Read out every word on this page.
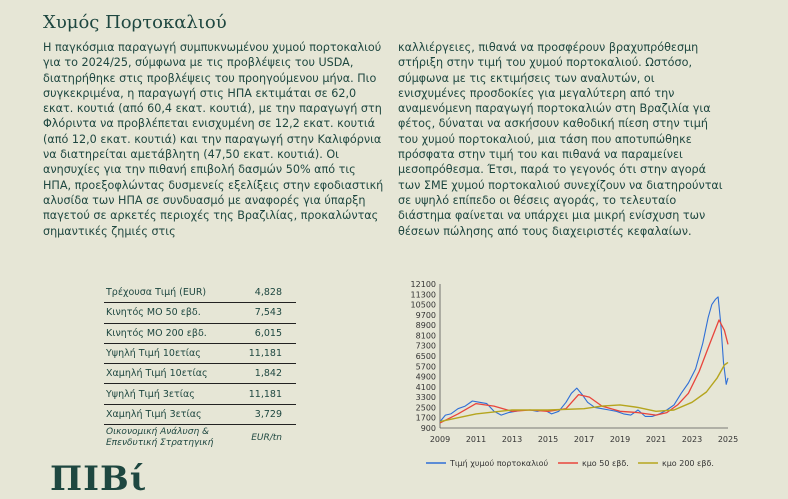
Χυμός Πορτοκαλιού
Η παγκόσμια παραγωγή συμπυκνωμένου χυμού πορτοκαλιού για το 2024/25, σύμφωνα με τις προβλέψεις του USDA, διατηρήθηκε στις προβλέψεις του προηγούμενου μήνα. Πιο συγκεκριμένα, η παραγωγή στις ΗΠΑ εκτιμάται σε 62,0 εκατ. κουτιά (από 60,4 εκατ. κουτιά), με την παραγωγή στη Φλόριντα να προβλέπεται ενισχυμένη σε 12,2 εκατ. κουτιά (από 12,0 εκατ. κουτιά) και την παραγωγή στην Καλιφόρνια να διατηρείται αμετάβλητη (47,50 εκατ. κουτιά). Οι ανησυχίες για την πιθανή επιβολή δασμών 50% από τις ΗΠΑ, προεξοφλώντας δυσμενείς εξελίξεις στην εφοδιαστική αλυσίδα των ΗΠΑ σε συνδυασμό με αναφορές για ύπαρξη παγετού σε αρκετές περιοχές της Βραζιλίας, προκαλώντας σημαντικές ζημιές στις
καλλιέργειες, πιθανά να προσφέρουν βραχυπρόθεσμη στήριξη στην τιμή του χυμού πορτοκαλιού. Ωστόσο, σύμφωνα με τις εκτιμήσεις των αναλυτών, οι ενισχυμένες προσδοκίες για μεγαλύτερη από την αναμενόμενη παραγωγή πορτοκαλιών στη Βραζιλία για φέτος, δύναται να ασκήσουν καθοδική πίεση στην τιμή του χυμού πορτοκαλιού, μια τάση που αποτυπώθηκε πρόσφατα στην τιμή του και πιθανά να παραμείνει μεσοπρόθεσμα. Έτσι, παρά το γεγονός ότι στην αγορά των ΣΜΕ χυμού πορτοκαλιού συνεχίζουν να διατηρούνται σε υψηλό επίπεδο οι θέσεις αγοράς, το τελευταίο διάστημα φαίνεται να υπάρχει μια μικρή ενίσχυση των θέσεων πώλησης από τους διαχειριστές κεφαλαίων.
Τρέχουσα Τιμή (EUR)	4,828
Κινητός ΜΟ 50 εβδ.	7,543
Κινητός ΜΟ 200 εβδ.	6,015
Υψηλή Τιμή 10ετίας	11,181
Χαμηλή Τιμή 10ετίας	1,842
Υψηλή Τιμή 3ετίας	11,181
Χαμηλή Τιμή 3ετίας	3,729
Οικονομική Ανάλυση & Επενδυτική Στρατηγική	EUR/tn
12100
11300
10500
9700
8900
8100
7300
6500
5700
4900
4100
3300
2500
1700
900
2009 2011 2013 2015 2017 2019 2021 2023 2025
Τιμή χυμού πορτοκαλιού	κμο 50 εβδ.	κμο 200 εβδ.
ΠΙΒί
